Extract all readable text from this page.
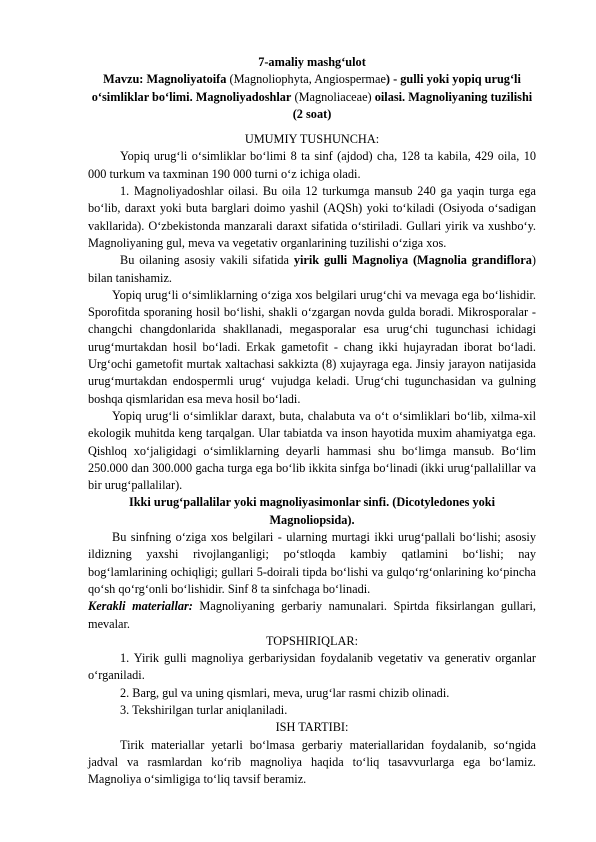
7-amaliy mashg‘ulot
Mavzu: Magnoliyatoifa (Magnoliophyta, Angiospermae) - gulli yoki yopiq urug‘li o‘simliklar bo‘limi. Magnoliyadoshlar (Magnoliaceae) oilasi. Magnoliyaning tuzilishi (2 soat)
UMUMIY TUSHUNCHA:

Yopiq urug‘li o‘simliklar bo‘limi 8 ta sinf (ajdod) cha, 128 ta kabila, 429 oila, 10 000 turkum va taxminan 190 000 turni o‘z ichiga oladi.

1. Magnoliyadoshlar oilasi. Bu oila 12 turkumga mansub 240 ga yaqin turga ega bo‘lib, daraxt yoki buta barglari doimo yashil (AQSh) yoki to‘kiladi (Osiyoda o‘sadigan vakllarida). O‘zbekistonda manzarali daraxt sifatida o‘stiriladi. Gullari yirik va xushbo‘y. Magnoliyaning gul, meva va vegetativ organlarining tuzilishi o‘ziga xos.

Bu oilaning asosiy vakili sifatida yirik gulli Magnoliya (Magnolia grandiflora) bilan tanishamiz.

Yopiq urug‘li o‘simliklarning o‘ziga xos belgilari urug‘chi va mevaga ega bo‘lishidir. Sporofitda sporaning hosil bo‘lishi, shakli o‘zgargan novda gulda boradi. Mikrosporalar - changchi changdonlarida shakllanadi, megasporalar esa urug‘chi tugunchasi ichidagi urug‘murtakdan hosil bo‘ladi. Erkak gametofit - chang ikki hujayradan iborat bo‘ladi. Urg‘ochi gametofit murtak xaltachasi sakkizta (8) xujayraga ega. Jinsiy jarayon natijasida urug‘murtakdan endospermli urug‘ vujudga keladi. Urug‘chi tugunchasidan va gulning boshqa qismlaridan esa meva hosil bo‘ladi.

Yopiq urug‘li o‘simliklar daraxt, buta, chalabuta va o‘t o‘simliklari bo‘lib, xilma-xil ekologik muhitda keng tarqalgan. Ular tabiatda va inson hayotida muxim ahamiyatga ega. Qishloq xo‘jaligidagi o‘simliklarning deyarli hammasi shu bo‘limga mansub. Bo‘lim 250.000 dan 300.000 gacha turga ega bo‘lib ikkita sinfga bo‘linadi (ikki urug‘pallalillar va bir urug‘pallalilar).

Ikki urug‘pallalilar yoki magnoliyasimonlar sinfi. (Dicotyledones yoki Magnoliopsida).

Bu sinfning o‘ziga xos belgilari - ularning murtagi ikki urug‘pallali bo‘lishi; asosiy ildizning yaxshi rivojlanganligi; po‘stloqda kambiy qatlamini bo‘lishi; nay bog‘lamlarining ochiqligi; gullari 5-doirali tipda bo‘lishi va gulqo‘rg‘onlarining ko‘pincha qo‘sh qo‘rg‘onli bo‘lishidir. Sinf 8 ta sinfchaga bo‘linadi.

Kerakli materiallar: Magnoliyaning gerbariy namunalari. Spirtda fiksirlangan gullari, mevalar.

TOPSHIRIQLAR:

1. Yirik gulli magnoliya gerbariysidan foydalanib vegetativ va generativ organlar o‘rganiladi.

2. Barg, gul va uning qismlari, meva, urug‘lar rasmi chizib olinadi.

3. Tekshirilgan turlar aniqlaniladi.

ISH TARTIBI:

Tirik materiallar yetarli bo‘lmasa gerbariy materiallaridan foydalanib, so‘ngida jadval va rasmlardan ko‘rib magnoliya haqida to‘liq tasavvurlarga ega bo‘lamiz. Magnoliya o‘simligiga to‘liq tavsif beramiz.
